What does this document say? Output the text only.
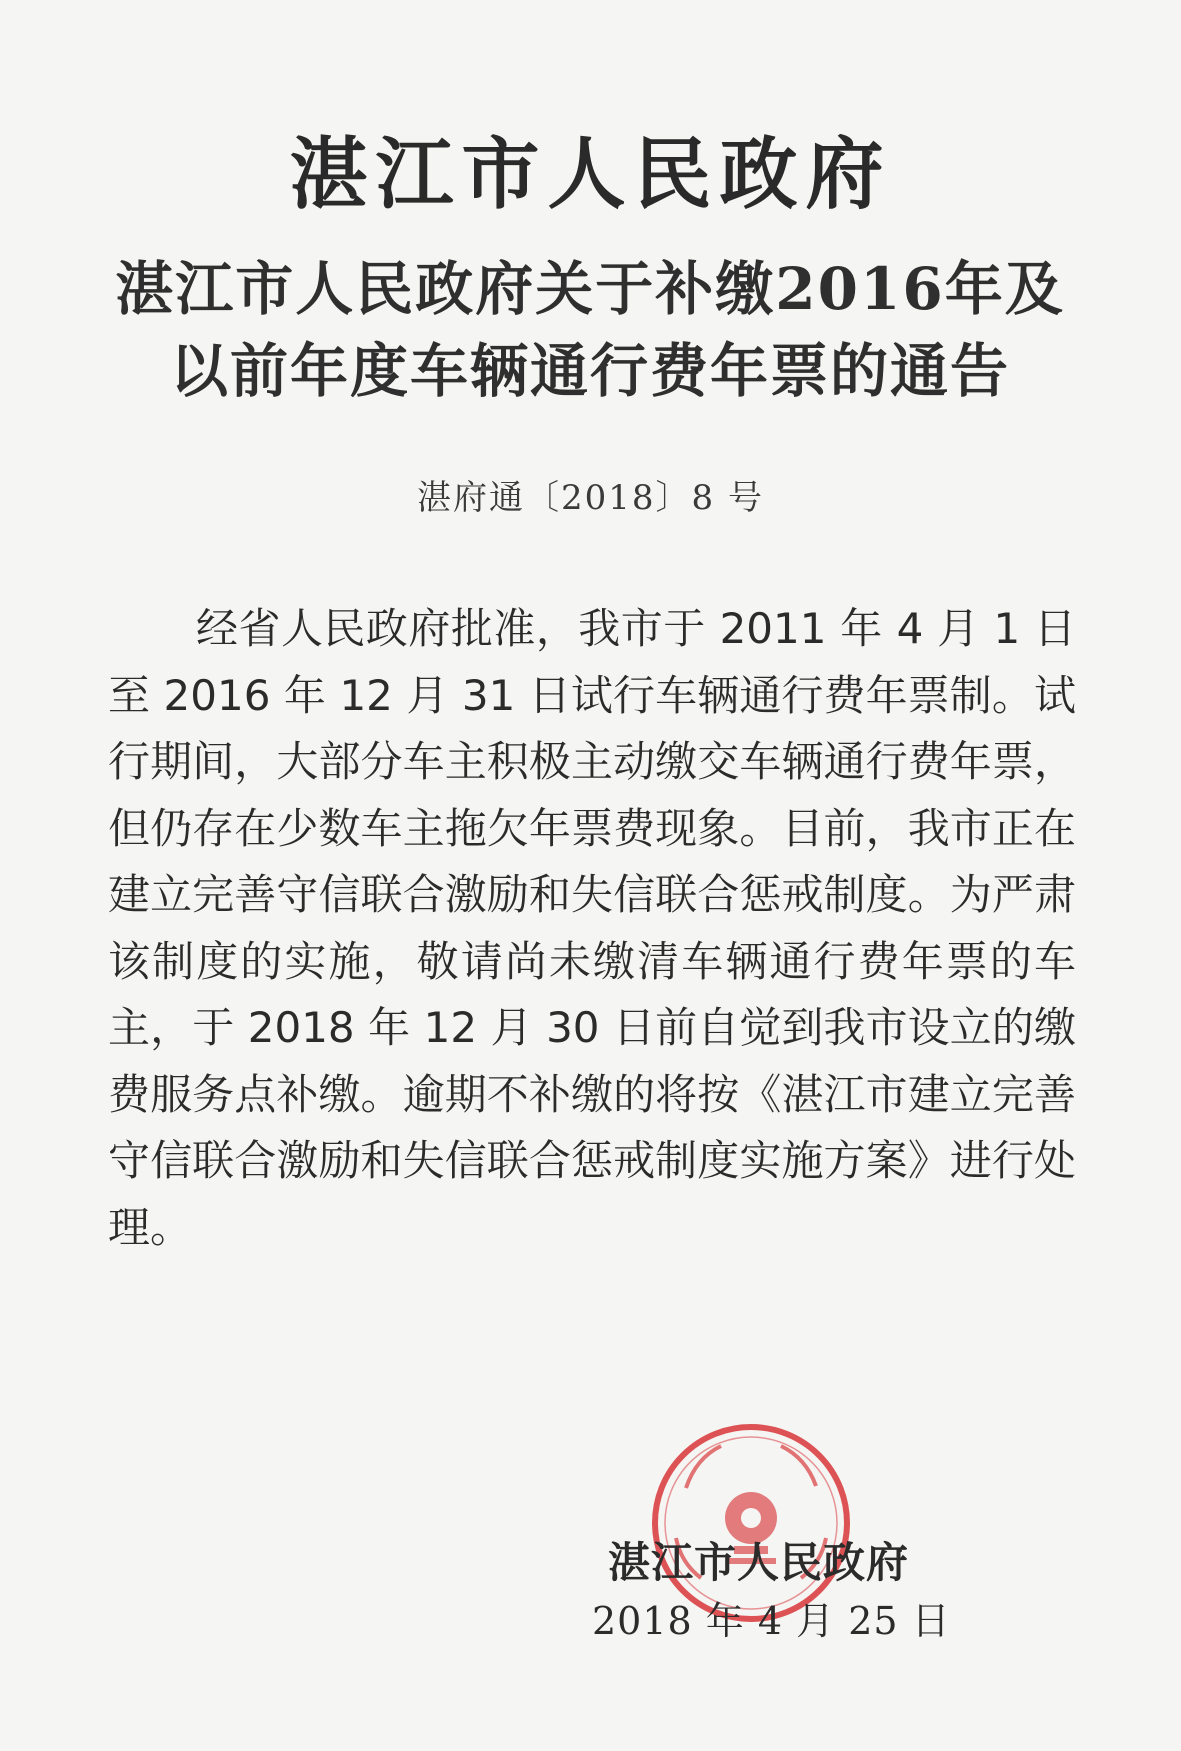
湛江市人民政府
湛江市人民政府关于补缴2016年及以前年度车辆通行费年票的通告
湛府通〔2018〕8 号

经省人民政府批准，我市于 2011 年 4 月 1 日至 2016 年 12 月 31 日试行车辆通行费年票制。试行期间，大部分车主积极主动缴交车辆通行费年票，但仍存在少数车主拖欠年票费现象。目前，我市正在建立完善守信联合激励和失信联合惩戒制度。为严肃该制度的实施，敬请尚未缴清车辆通行费年票的车主，于 2018 年 12 月 30 日前自觉到我市设立的缴费服务点补缴。逾期不补缴的将按《湛江市建立完善守信联合激励和失信联合惩戒制度实施方案》进行处理。

湛江市人民政府
2018 年 4 月 25 日
